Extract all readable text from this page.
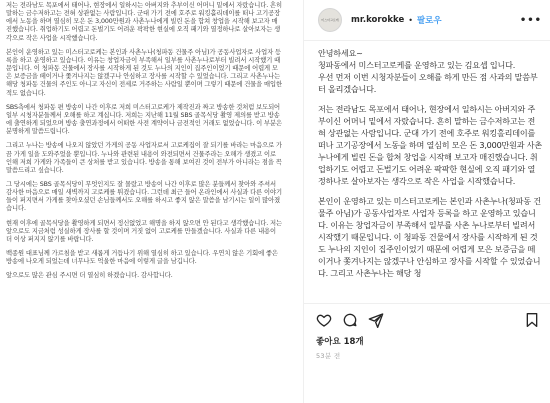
저는 전라남도 목포에서 태어나, 현장에서 일하시는 아버지와 추부이신 어머니 밑에서 자랐습니다. 흔히 말하는 금수저하고는 전혀 상관없는 사람입니다. 군대 가기 전에 호주로 워킹홀리데이를 떠나 고기공장에서 노동을 하며 열심히 모은 돈 3,000만원과 사촌누나에게 빌린 돈을 합쳐 창업을 시작해 보고자 매진했습니다. 취업하기도 어렵고 돈벌기도 어려운 팍팍한 현실에 오직 패기와 열정하나로 살아보자는 생각으로 작은 사업을 시작했습니다.

본인이 운영하고 있는 미스터고로케는 본인과 사촌누나(청파동 건물주 아님)가 공동사업자로 사업자 등록을 하고 운영하고 있습니다. 이유는 창업자금이 부족해서 일부를 사촌누나로부터 빌려서 시작했기 때문입니다. 이 청파동 건물에서 장사를 시작하게 된 것도 누나의 지인이 집주인이었기 때문에 어렵게 모은 보증금을 떼이거나 쫓겨나지는 않겠구나 안심하고 장사를 시작할 수 있었습니다. 그리고 사촌누나는 해당 청파동 건물의 주인도 아니고 자신이 전세로 거주하는 사람일 뿐이며 그렇기 때문에 건물을 매입한 적도 없습니다.

SBS측에서 청파동 편 방송이 나간 이후로 저희 미스터고로케가 제작진과 짜고 방송한 것처럼 보도되어 일부 시청자분들께서 오해를 하고 계십니다. 저희는 지난해 11월 SBS 골목식당 촬영 제의를 받고 방송에 출연하게 되었으며 방송 출연과정에서 어떠한 사전 계약이나 금전적인 거래도 없었습니다. 이 부분은 분명하게 말씀드립니다.

그리고 누나는 방송에 나오지 않았던 가게의 공동 사업자로서 고로케집이 잘 되기를 바라는 마음으로 가끔 가게 일을 도와주었을 뿐입니다. 누나와 관련된 내용이 와전되면서 건물주라는 오해가 생겼고 이로 인해 저희 가게와 가족들이 큰 상처를 받고 있습니다. 방송을 통해 보여진 것이 전부가 아니라는 점을 꼭 말씀드리고 싶습니다.

그 당시에는 SBS 골목식당이 무엇인지도 잘 몰랐고 방송이 나간 이후로 많은 분들께서 찾아와 주셔서 감사한 마음으로 매일 새벽까지 고로케를 튀겼습니다. 그런데 최근 들어 온라인에서 사실과 다른 이야기들이 퍼지면서 가게를 찾아오셨던 손님들께서도 오해를 하시고 좋지 않은 말씀을 남기시는 일이 많아졌습니다.

현재 이후에 골목식당을 촬영하게 되면서 정신없었고 해명을 하지 않으면 안 된다고 생각했습니다. 저는 앞으로도 지금처럼 성실하게 장사를 할 것이며 거짓 없이 고로케를 만들겠습니다. 사실과 다른 내용이 더 이상 퍼지지 않기를 바랍니다.

백종원 대표님께 가르침을 받고 새롭게 거듭나기 위해 열심히 하고 있습니다. 우연치 않은 기회에 좋은 방송에 나오게 되었는데 너무나도 억울한 마음에 이렇게 글을 남깁니다.

앞으로도 많은 관심 주시면 더 열심히 하겠습니다. 감사합니다.

미스터고로케 mr.korokke • 팔로우	•••

안녕하세요~

청파동에서 미스터고로케를 운영하고 있는 김요셉 입니다.
우선 먼저 이번 시청자분들이 오해를 하게 만든 점 사과의 말씀부터 올리겠습니다.

저는 전라남도 목포에서 태어나, 현장에서 일하시는 아버지와 주부이신 어머니 밑에서 자랐습니다. 흔히 말하는 금수저하고는 전혀 상관없는 사람입니다. 군대 가기 전에 호주로 워킹홀리데이를 떠나 고기공장에서 노동을 하며 열심히 모은 돈 3,000만원과 사촌 누나에게 빌린 돈을 합쳐 창업을 시작해 보고자 매진했습니다. 취업하기도 어렵고 돈벌기도 어려운 팍팍한 현실에 오직 패기와 열정하나로 살아보자는 생각으로 작은 사업을 시작했습니다.

본인이 운영하고 있는 미스터고로케는 본인과 사촌누나(청파동 건물주 아님)가 공동사업자로 사업자 등록을 하고 운영하고 있습니다. 이유는 창업자금이 부족해서 일부를 사촌 누나로부터 빌려서 시작했기 때문입니다. 이 청파동 건물에서 장사를 시작하게 된 것도 누나의 지인이 집주인이었기 때문에 어렵게 모은 보증금을 떼이거나 쫓겨나지는 않겠구나 안심하고 장사를 시작할 수 있었습니다. 그리고 사촌누나는 해당 청

좋아요 18개
53분 전
